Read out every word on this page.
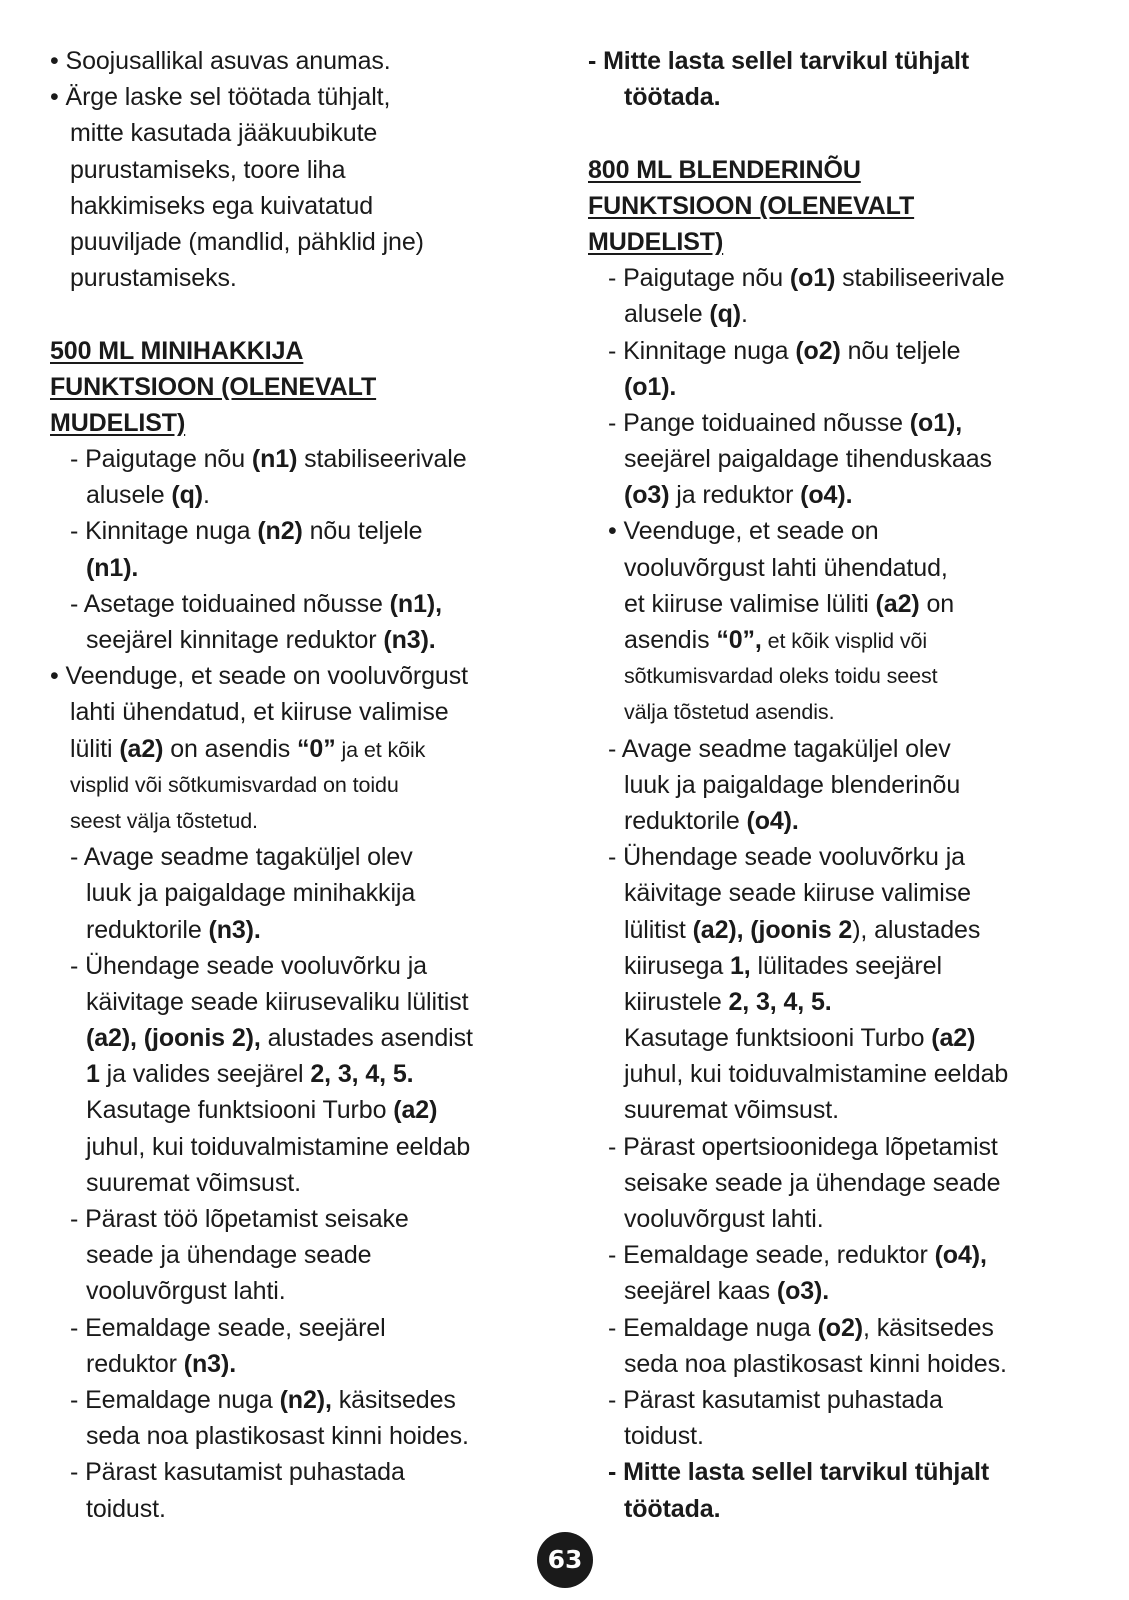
• Soojusallikal asuvas anumas.
• Ärge laske sel töötada tühjalt,
mitte kasutada jääkuubikute
purustamiseks, toore liha
hakkimiseks ega kuivatatud
puuviljade (mandlid, pähklid jne)
purustamiseks.
500 ML MINIHAKKIJA
FUNKTSIOON (OLENEVALT
MUDELIST)
- Paigutage nõu (n1) stabiliseerivale
alusele (q).
- Kinnitage nuga (n2) nõu teljele
(n1).
- Asetage toiduained nõusse (n1),
seejärel kinnitage reduktor (n3).
• Veenduge, et seade on vooluvõrgust
lahti ühendatud, et kiiruse valimise
lüliti (a2) on asendis “0” ja et kõik
visplid või sõtkumisvardad on toidu
seest välja tõstetud.
- Avage seadme tagaküljel olev
luuk ja paigaldage minihakkija
reduktorile (n3).
- Ühendage seade vooluvõrku ja
käivitage seade kiirusevaliku lülitist
(a2), (joonis 2), alustades asendist
1 ja valides seejärel 2, 3, 4, 5.
Kasutage funktsiooni Turbo (a2)
juhul, kui toiduvalmistamine eeldab
suuremat võimsust.
- Pärast töö lõpetamist seisake
seade ja ühendage seade
vooluvõrgust lahti.
- Eemaldage seade, seejärel
reduktor (n3).
- Eemaldage nuga (n2), käsitsedes
seda noa plastikosast kinni hoides.
- Pärast kasutamist puhastada
toidust.
- Mitte lasta sellel tarvikul tühjalt
töötada.
800 ML BLENDERINÕU
FUNKTSIOON (OLENEVALT
MUDELIST)
- Paigutage nõu (o1) stabiliseerivale
alusele (q).
- Kinnitage nuga (o2) nõu teljele
(o1).
- Pange toiduained nõusse (o1),
seejärel paigaldage tihenduskaas
(o3) ja reduktor (o4).
• Veenduge, et seade on
vooluvõrgust lahti ühendatud,
et kiiruse valimise lüliti (a2) on
asendis “0”, et kõik visplid või
sõtkumisvardad oleks toidu seest
välja tõstetud asendis.
- Avage seadme tagaküljel olev
luuk ja paigaldage blenderinõu
reduktorile (o4).
- Ühendage seade vooluvõrku ja
käivitage seade kiiruse valimise
lülitist (a2), (joonis 2), alustades
kiirusega 1, lülitades seejärel
kiirustele 2, 3, 4, 5.
Kasutage funktsiooni Turbo (a2)
juhul, kui toiduvalmistamine eeldab
suuremat võimsust.
- Pärast opertsioonidega lõpetamist
seisake seade ja ühendage seade
vooluvõrgust lahti.
- Eemaldage seade, reduktor (o4),
seejärel kaas (o3).
- Eemaldage nuga (o2), käsitsedes
seda noa plastikosast kinni hoides.
- Pärast kasutamist puhastada
toidust.
- Mitte lasta sellel tarvikul tühjalt
töötada.
63
